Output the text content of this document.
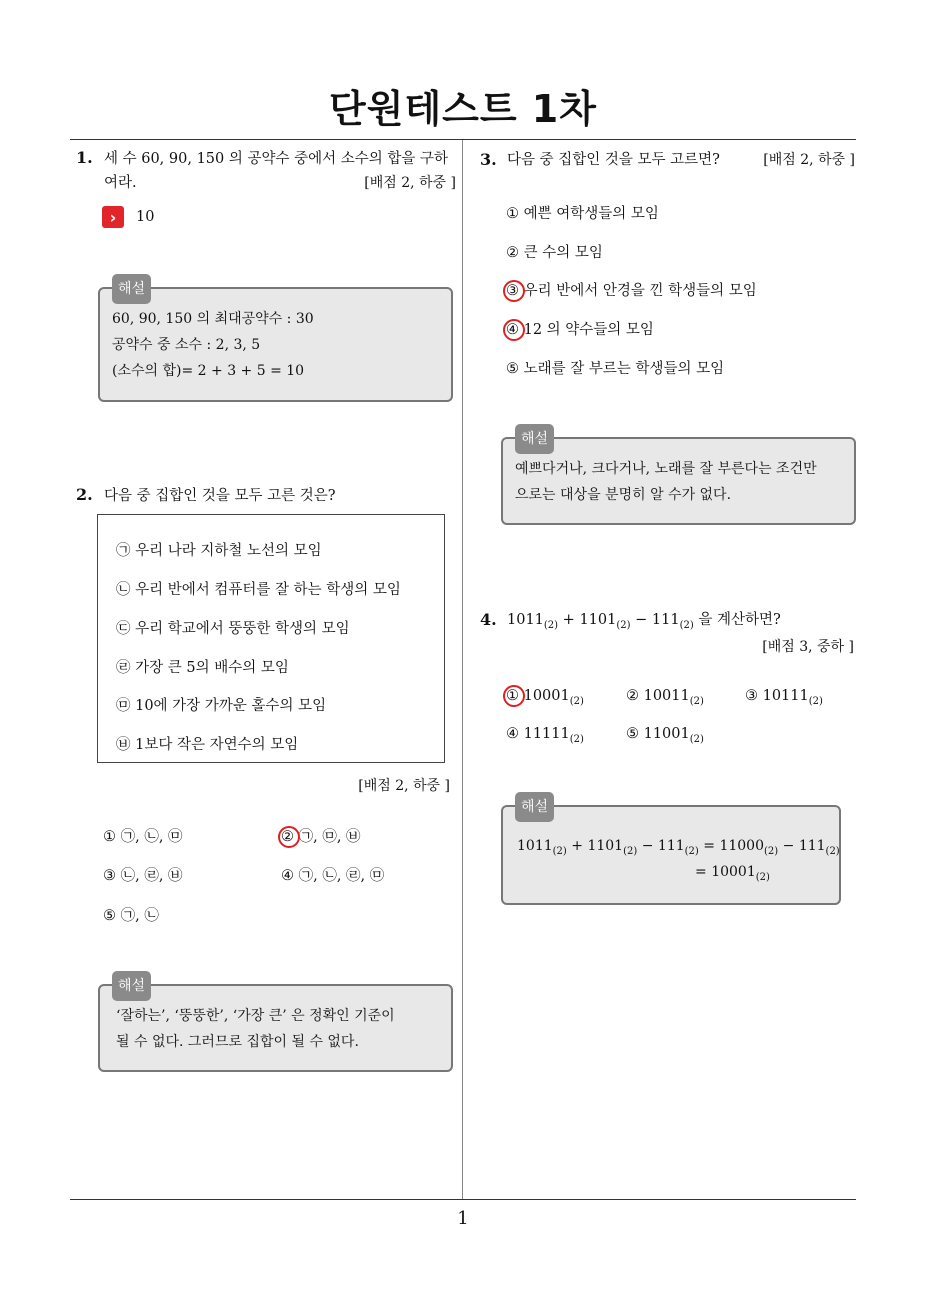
단원테스트 1차
1. 세 수 60, 90, 150 의 공약수 중에서 소수의 합을 구하
여라.	[배점 2, 하중 ]
›	10
해설
60, 90, 150 의 최대공약수 : 30
공약수 중 소수 : 2, 3, 5
(소수의 합)= 2 + 3 + 5 = 10
2. 다음 중 집합인 것을 모두 고른 것은?
㉠ 우리 나라 지하철 노선의 모임
㉡ 우리 반에서 컴퓨터를 잘 하는 학생의 모임
㉢ 우리 학교에서 뚱뚱한 학생의 모임
㉣ 가장 큰 5의 배수의 모임
㉤ 10에 가장 가까운 홀수의 모임
㉥ 1보다 작은 자연수의 모임
[배점 2, 하중 ]
① ㉠, ㉡, ㉤	② ㉠, ㉤, ㉥
③ ㉡, ㉣, ㉥	④ ㉠, ㉡, ㉣, ㉤
⑤ ㉠, ㉡
해설
‘잘하는’, ‘뚱뚱한’, ‘가장 큰’ 은 정확인 기준이
될 수 없다. 그러므로 집합이 될 수 없다.
3. 다음 중 집합인 것을 모두 고르면?	[배점 2, 하중 ]
① 예쁜 여학생들의 모임
② 큰 수의 모임
③ 우리 반에서 안경을 낀 학생들의 모임
④ 12 의 약수들의 모임
⑤ 노래를 잘 부르는 학생들의 모임
해설
예쁘다거나, 크다거나, 노래를 잘 부른다는 조건만
으로는 대상을 분명히 알 수가 없다.
4. $1011_{(2)} + 1101_{(2)} - 111_{(2)}$ 을 계산하면?
[배점 3, 중하 ]
① $10001_{(2)}$	② $10011_{(2)}$	③ $10111_{(2)}$
④ $11111_{(2)}$	⑤ $11001_{(2)}$
해설
$1011_{(2)} + 1101_{(2)} - 111_{(2)} = 11000_{(2)} - 111_{(2)}$
= $10001_{(2)}$
1
